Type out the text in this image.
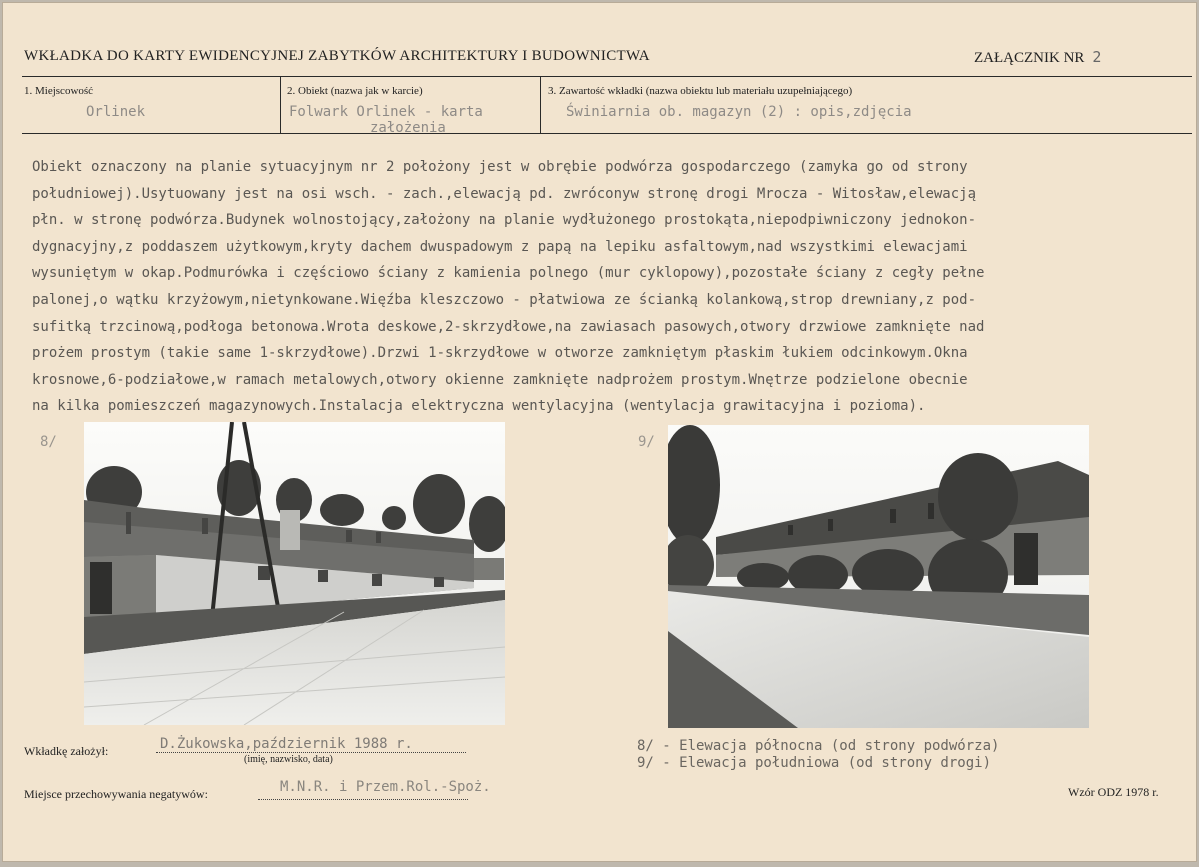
WKŁADKA DO KARTY EWIDENCYJNEJ ZABYTKÓW ARCHITEKTURY I BUDOWNICTWA	ZAŁĄCZNIK NR 2
1. Miejscowość
Orlinek
2. Obiekt (nazwa jak w karcie)
Folwark Orlinek - karta
założenia
3. Zawartość wkładki (nazwa obiektu lub materiału uzupełniającego)
Świniarnia ob. magazyn (2) : opis,zdjęcia
Obiekt oznaczony na planie sytuacyjnym nr 2 położony jest w obrębie podwórza gospodarczego (zamyka go od strony
południowej).Usytuowany jest na osi wsch. - zach.,elewacją pd. zwróconyw stronę drogi Mrocza - Witosław,elewacją
płn. w stronę podwórza.Budynek wolnostojący,założony na planie wydłużonego prostokąta,niepodpiwniczony jednokon-
dygnacyjny,z poddaszem użytkowym,kryty dachem dwuspadowym z papą na lepiku asfaltowym,nad wszystkimi elewacjami
wysuniętym w okap.Podmurówka i częściowo ściany z kamienia polnego (mur cyklopowy),pozostałe ściany z cegły pełne
palonej,o wątku krzyżowym,nietynkowane.Więźba kleszczowo - płatwiowa ze ścianką kolankową,strop drewniany,z pod-
sufitką trzcinową,podłoga betonowa.Wrota deskowe,2-skrzydłowe,na zawiasach pasowych,otwory drzwiowe zamknięte nad
prożem prostym (takie same 1-skrzydłowe).Drzwi 1-skrzydłowe w otworze zamkniętym płaskim łukiem odcinkowym.Okna
krosnowe,6-podziałowe,w ramach metalowych,otwory okienne zamknięte nadprożem prostym.Wnętrze podzielone obecnie
na kilka pomieszczeń magazynowych.Instalacja elektryczna wentylacyjna (wentylacja grawitacyjna i pozioma).
8/	9/
8/ - Elewacja północna (od strony podwórza)
9/ - Elewacja południowa (od strony drogi)
Wkładkę założył:	D.Żukowska,październik 1988 r.
(imię, nazwisko, data)
Miejsce przechowywania negatywów:	M.N.R. i Przem.Rol.-Spoż.	Wzór ODZ 1978 r.
